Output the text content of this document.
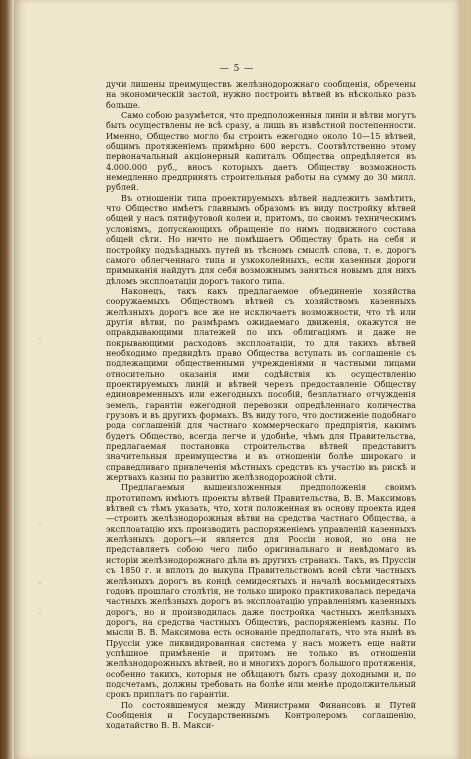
— 5 —

дучи лишены преимуществъ желѣзнодорожнаго сообщенія, обречены на экономическій застой, нужно построить вѣтвей въ нѣсколько разъ больше.

Само собою разумѣется, что предположенныя линіи и вѣтви могутъ быть осуществлены не всѣ сразу, а лишь въ извѣстной постепенности. Именно, Общество могло бы строить ежегодно около 10—15 вѣтвей, общимъ протяженіемъ примѣрно 600 верстъ. Соотвѣтственно этому первоначальный акціонерный капиталъ Общества опредѣляется въ 4.000.000 руб., вносъ которыхъ даетъ Обществу возможность немедленно предпринять строительныя работы на сумму до 30 милл. рублей.

Въ отношеніи типа проектируемыхъ вѣтвей надлежитъ замѣтить, что Общество имѣетъ главнымъ образомъ въ виду постройку вѣтвей общей у насъ пятифутовой колеи и, притомъ, по своимъ техническимъ условіямъ, допускающихъ обращеніе по нимъ подвижного состава общей сѣти. Но ничто не помѣшаетъ Обществу брать на себя и постройку подъѣздныхъ путей въ тѣсномъ смыслѣ слова, т. е. дорогъ самого облегченнаго типа и узкоколейныхъ, если казенныя дороги примыканія найдутъ для себя возможнымъ заняться новымъ для нихъ дѣломъ эксплоатаціи дорогъ такого типа.

Наконецъ, такъ какъ предлагаемое объединеніе хозяйства сооружаемыхъ Обществомъ вѣтвей съ хозяйствомъ казенныхъ желѣзныхъ дорогъ все же не исключаетъ возможности, что тѣ или другія вѣтви, по размѣрамъ ожидаемаго движенія, окажутся не оправдывающими платежей по ихъ облигаціямъ и даже не покрывающими расходовъ эксплоатаціи, то для такихъ вѣтвей необходимо предвидѣть право Общества вступать въ соглашеніе съ подлежащими общественными учрежденіями и частными лицами относительно оказанія ими содѣйствія къ осуществленію проектируемыхъ линій и вѣтвей черезъ предоставленіе Обществу единовременныхъ или ежегодныхъ пособій, безплатнаго отчужденія земель, гарантіи ежегодной перевозки опредѣленнаго количества грузовъ и въ другихъ формахъ. Въ виду того, что достиженіе подобнаго рода соглашеній для частнаго коммерческаго предпріятія, какимъ будетъ Общество, всегда легче и удобнѣе, чѣмъ для Правительства, предлагаемая постановка строительства вѣтвей представитъ значительныя преимущества и въ отношеніи болѣе широкаго и справедливаго привлеченія мѣстныхъ средствъ къ участію въ рискѣ и жертвахъ казны по развитію желѣзнодорожной сѣти.

Предлагаемыя вышеизложенныя предположенія своимъ прототипомъ имѣютъ проекты вѣтвей Правительства, В. В. Максимовъ вѣтвей съ тѣмъ указать, что, хотя положенная въ основу проекта идея—строить желѣзнодорожныя вѣтви на средства частнаго Общества, а эксплоатацію ихъ производить распоряженіемъ управленій казенныхъ желѣзныхъ дорогъ—и является для Россіи новой, но она не представляетъ собою чего либо оригинальнаго и невѣдомаго въ исторіи желѣзнодорожнаго дѣла въ другихъ странахъ. Такъ, въ Пруссіи съ 1850 г. и вплоть до выкупа Правительствомъ всей сѣти частныхъ желѣзныхъ дорогъ въ концѣ семидесятыхъ и началѣ восьмидесятыхъ годовъ прошлаго столѣтія, не только широко практиковалась передача частныхъ желѣзныхъ дорогъ въ эксплоатацію управленіямъ казенныхъ дорогъ, но и производилась даже постройка частныхъ желѣзныхъ дорогъ, на средства частныхъ Обществъ, распоряженіемъ казны. По мысли В. В. Максимова есть основаніе предполагать, что эта нынѣ въ Пруссіи уже ликвидированная система у насъ можетъ еще найти успѣшное примѣненіе и притомъ не только въ отношеніи желѣзнодорожныхъ вѣтвей, но и многихъ дорогъ большого протяженія, особенно такихъ, которыя не обѣщаютъ быть сразу доходными и, по подсчетамъ, должны требовать на болѣе или менѣе продолжительный срокъ приплатъ по гарантіи.

По состоявшемуся между Министрами Финансовъ и Путей Сообщенія и Государственнымъ Контролеромъ соглашенію, ходатайство В. В. Макси-

·
·
·
·
